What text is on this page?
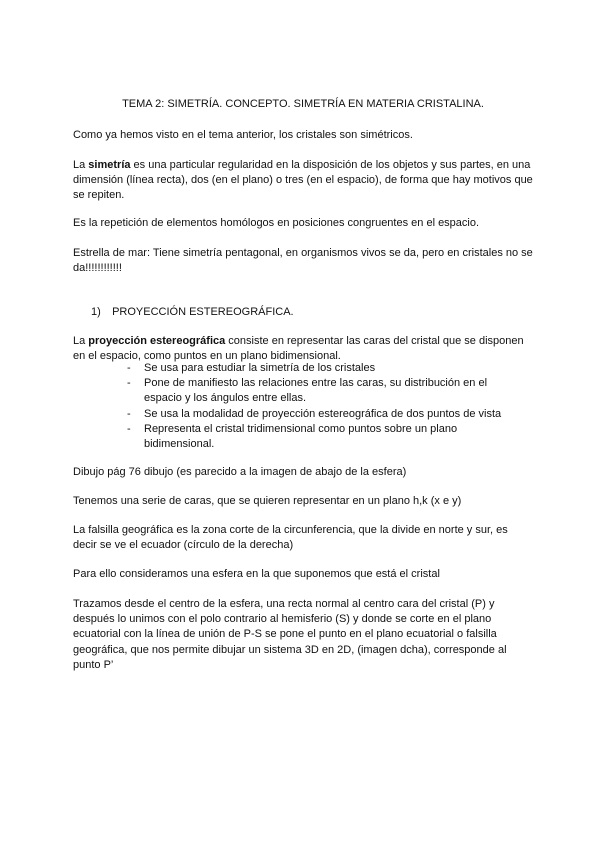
TEMA 2: SIMETRÍA. CONCEPTO. SIMETRÍA EN MATERIA CRISTALINA.

Como ya hemos visto en el tema anterior, los cristales son simétricos.

La simetría es una particular regularidad en la disposición de los objetos y sus partes, en una dimensión (línea recta), dos (en el plano) o tres (en el espacio), de forma que hay motivos que se repiten.

Es la repetición de elementos homólogos en posiciones congruentes en el espacio.

Estrella de mar: Tiene simetría pentagonal, en organismos vivos se da, pero en cristales no se da!!!!!!!!!!!!

1) PROYECCIÓN ESTEREOGRÁFICA.

La proyección estereográfica consiste en representar las caras del cristal que se disponen en el espacio, como puntos en un plano bidimensional.

- Se usa para estudiar la simetría de los cristales
- Pone de manifiesto las relaciones entre las caras, su distribución en el espacio y los ángulos entre ellas.
- Se usa la modalidad de proyección estereográfica de dos puntos de vista
- Representa el cristal tridimensional como puntos sobre un plano bidimensional.

Dibujo pág 76 dibujo (es parecido a la imagen de abajo de la esfera)

Tenemos una serie de caras, que se quieren representar en un plano h,k (x e y)

La falsilla geográfica es la zona corte de la circunferencia, que la divide en norte y sur, es decir se ve el ecuador (círculo de la derecha)

Para ello consideramos una esfera en la que suponemos que está el cristal

Trazamos desde el centro de la esfera, una recta normal al centro cara del cristal (P) y después lo unimos con el polo contrario al hemisferio (S) y donde se corte en el plano ecuatorial con la línea de unión de P-S se pone el punto en el plano ecuatorial o falsilla geográfica, que nos permite dibujar un sistema 3D en 2D, (imagen dcha), corresponde al punto P’
